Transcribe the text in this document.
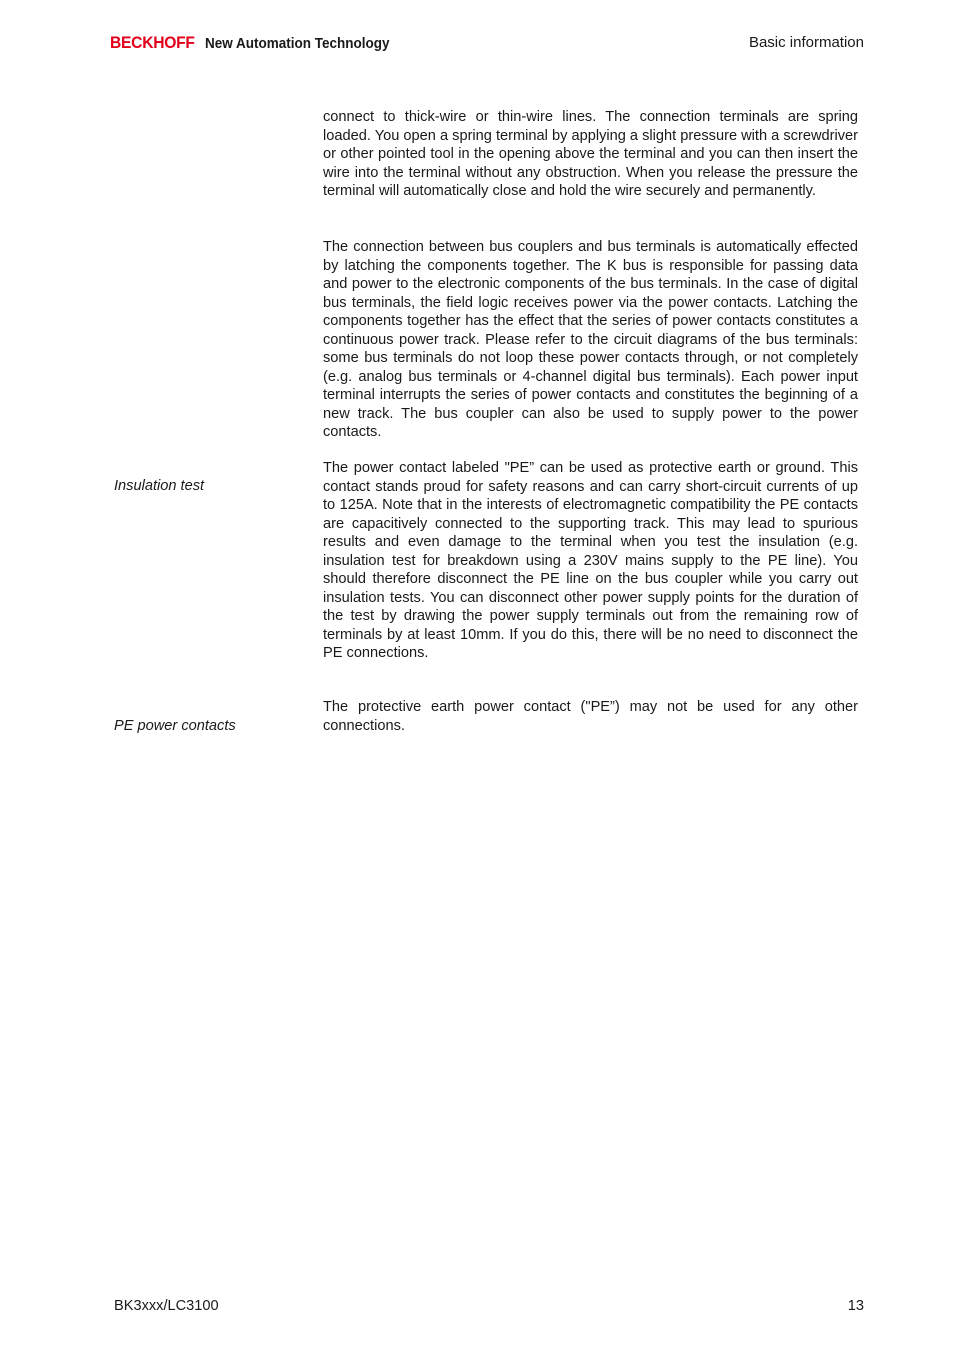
BECKHOFF New Automation Technology	Basic information

connect to thick-wire or thin-wire lines. The connection terminals are spring loaded. You open a spring terminal by applying a slight pressure with a screwdriver or other pointed tool in the opening above the terminal and you can then insert the wire into the terminal without any obstruction. When you release the pressure the terminal will automatically close and hold the wire securely and permanently.

The connection between bus couplers and bus terminals is automatically effected by latching the components together. The K bus is responsible for passing data and power to the electronic components of the bus terminals. In the case of digital bus terminals, the field logic receives power via the power contacts. Latching the components together has the effect that the series of power contacts constitutes a continuous power track. Please refer to the circuit diagrams of the bus terminals: some bus terminals do not loop these power contacts through, or not completely (e.g. analog bus terminals or 4-channel digital bus terminals). Each power input terminal interrupts the series of power contacts and constitutes the beginning of a new track. The bus coupler can also be used to supply power to the power contacts.

Insulation test

The power contact labeled "PE” can be used as protective earth or ground. This contact stands proud for safety reasons and can carry short-circuit currents of up to 125A. Note that in the interests of electromagnetic compatibility the PE contacts are capacitively connected to the supporting track. This may lead to spurious results and even damage to the terminal when you test the insulation (e.g. insulation test for breakdown using a 230V mains supply to the PE line). You should therefore disconnect the PE line on the bus coupler while you carry out insulation tests. You can disconnect other power supply points for the duration of the test by drawing the power supply terminals out from the remaining row of terminals by at least 10mm. If you do this, there will be no need to disconnect the PE connections.

PE power contacts

The protective earth power contact ("PE”) may not be used for any other connections.

BK3xxx/LC3100	13
